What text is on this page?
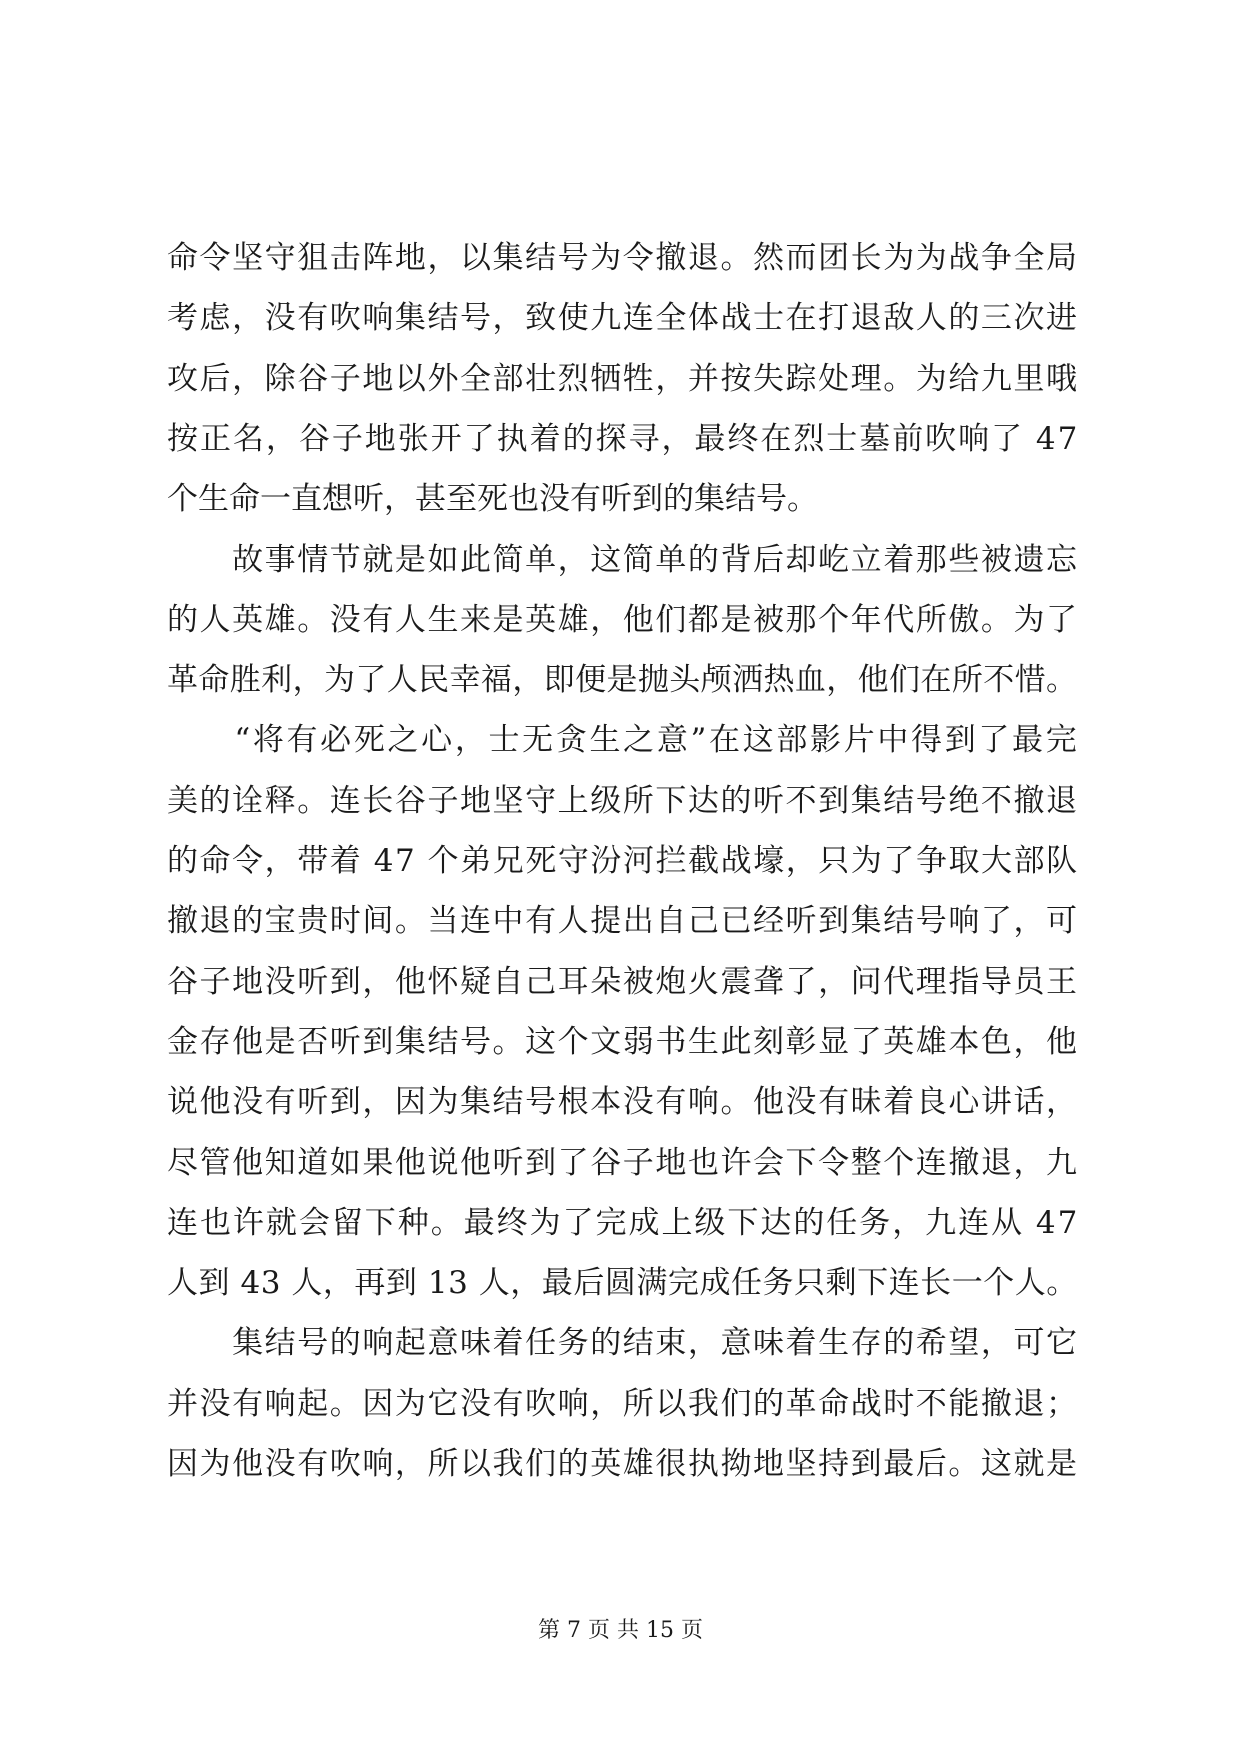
命令坚守狙击阵地，以集结号为令撤退。然而团长为为战争全局
考虑，没有吹响集结号，致使九连全体战士在打退敌人的三次进
攻后，除谷子地以外全部壮烈牺牲，并按失踪处理。为给九里哦
按正名，谷子地张开了执着的探寻，最终在烈士墓前吹响了 47
个生命一直想听，甚至死也没有听到的集结号。
　　故事情节就是如此简单，这简单的背后却屹立着那些被遗忘
的人英雄。没有人生来是英雄，他们都是被那个年代所傲。为了
革命胜利，为了人民幸福，即便是抛头颅洒热血，他们在所不惜。
　　“将有必死之心，士无贪生之意”在这部影片中得到了最完
美的诠释。连长谷子地坚守上级所下达的听不到集结号绝不撤退
的命令，带着 47 个弟兄死守汾河拦截战壕，只为了争取大部队
撤退的宝贵时间。当连中有人提出自己已经听到集结号响了，可
谷子地没听到，他怀疑自己耳朵被炮火震聋了，问代理指导员王
金存他是否听到集结号。这个文弱书生此刻彰显了英雄本色，他
说他没有听到，因为集结号根本没有响。他没有昧着良心讲话，
尽管他知道如果他说他听到了谷子地也许会下令整个连撤退，九
连也许就会留下种。最终为了完成上级下达的任务，九连从 47
人到 43 人，再到 13 人，最后圆满完成任务只剩下连长一个人。
　　集结号的响起意味着任务的结束，意味着生存的希望，可它
并没有响起。因为它没有吹响，所以我们的革命战时不能撤退；
因为他没有吹响，所以我们的英雄很执拗地坚持到最后。这就是
第 7 页 共 15 页
